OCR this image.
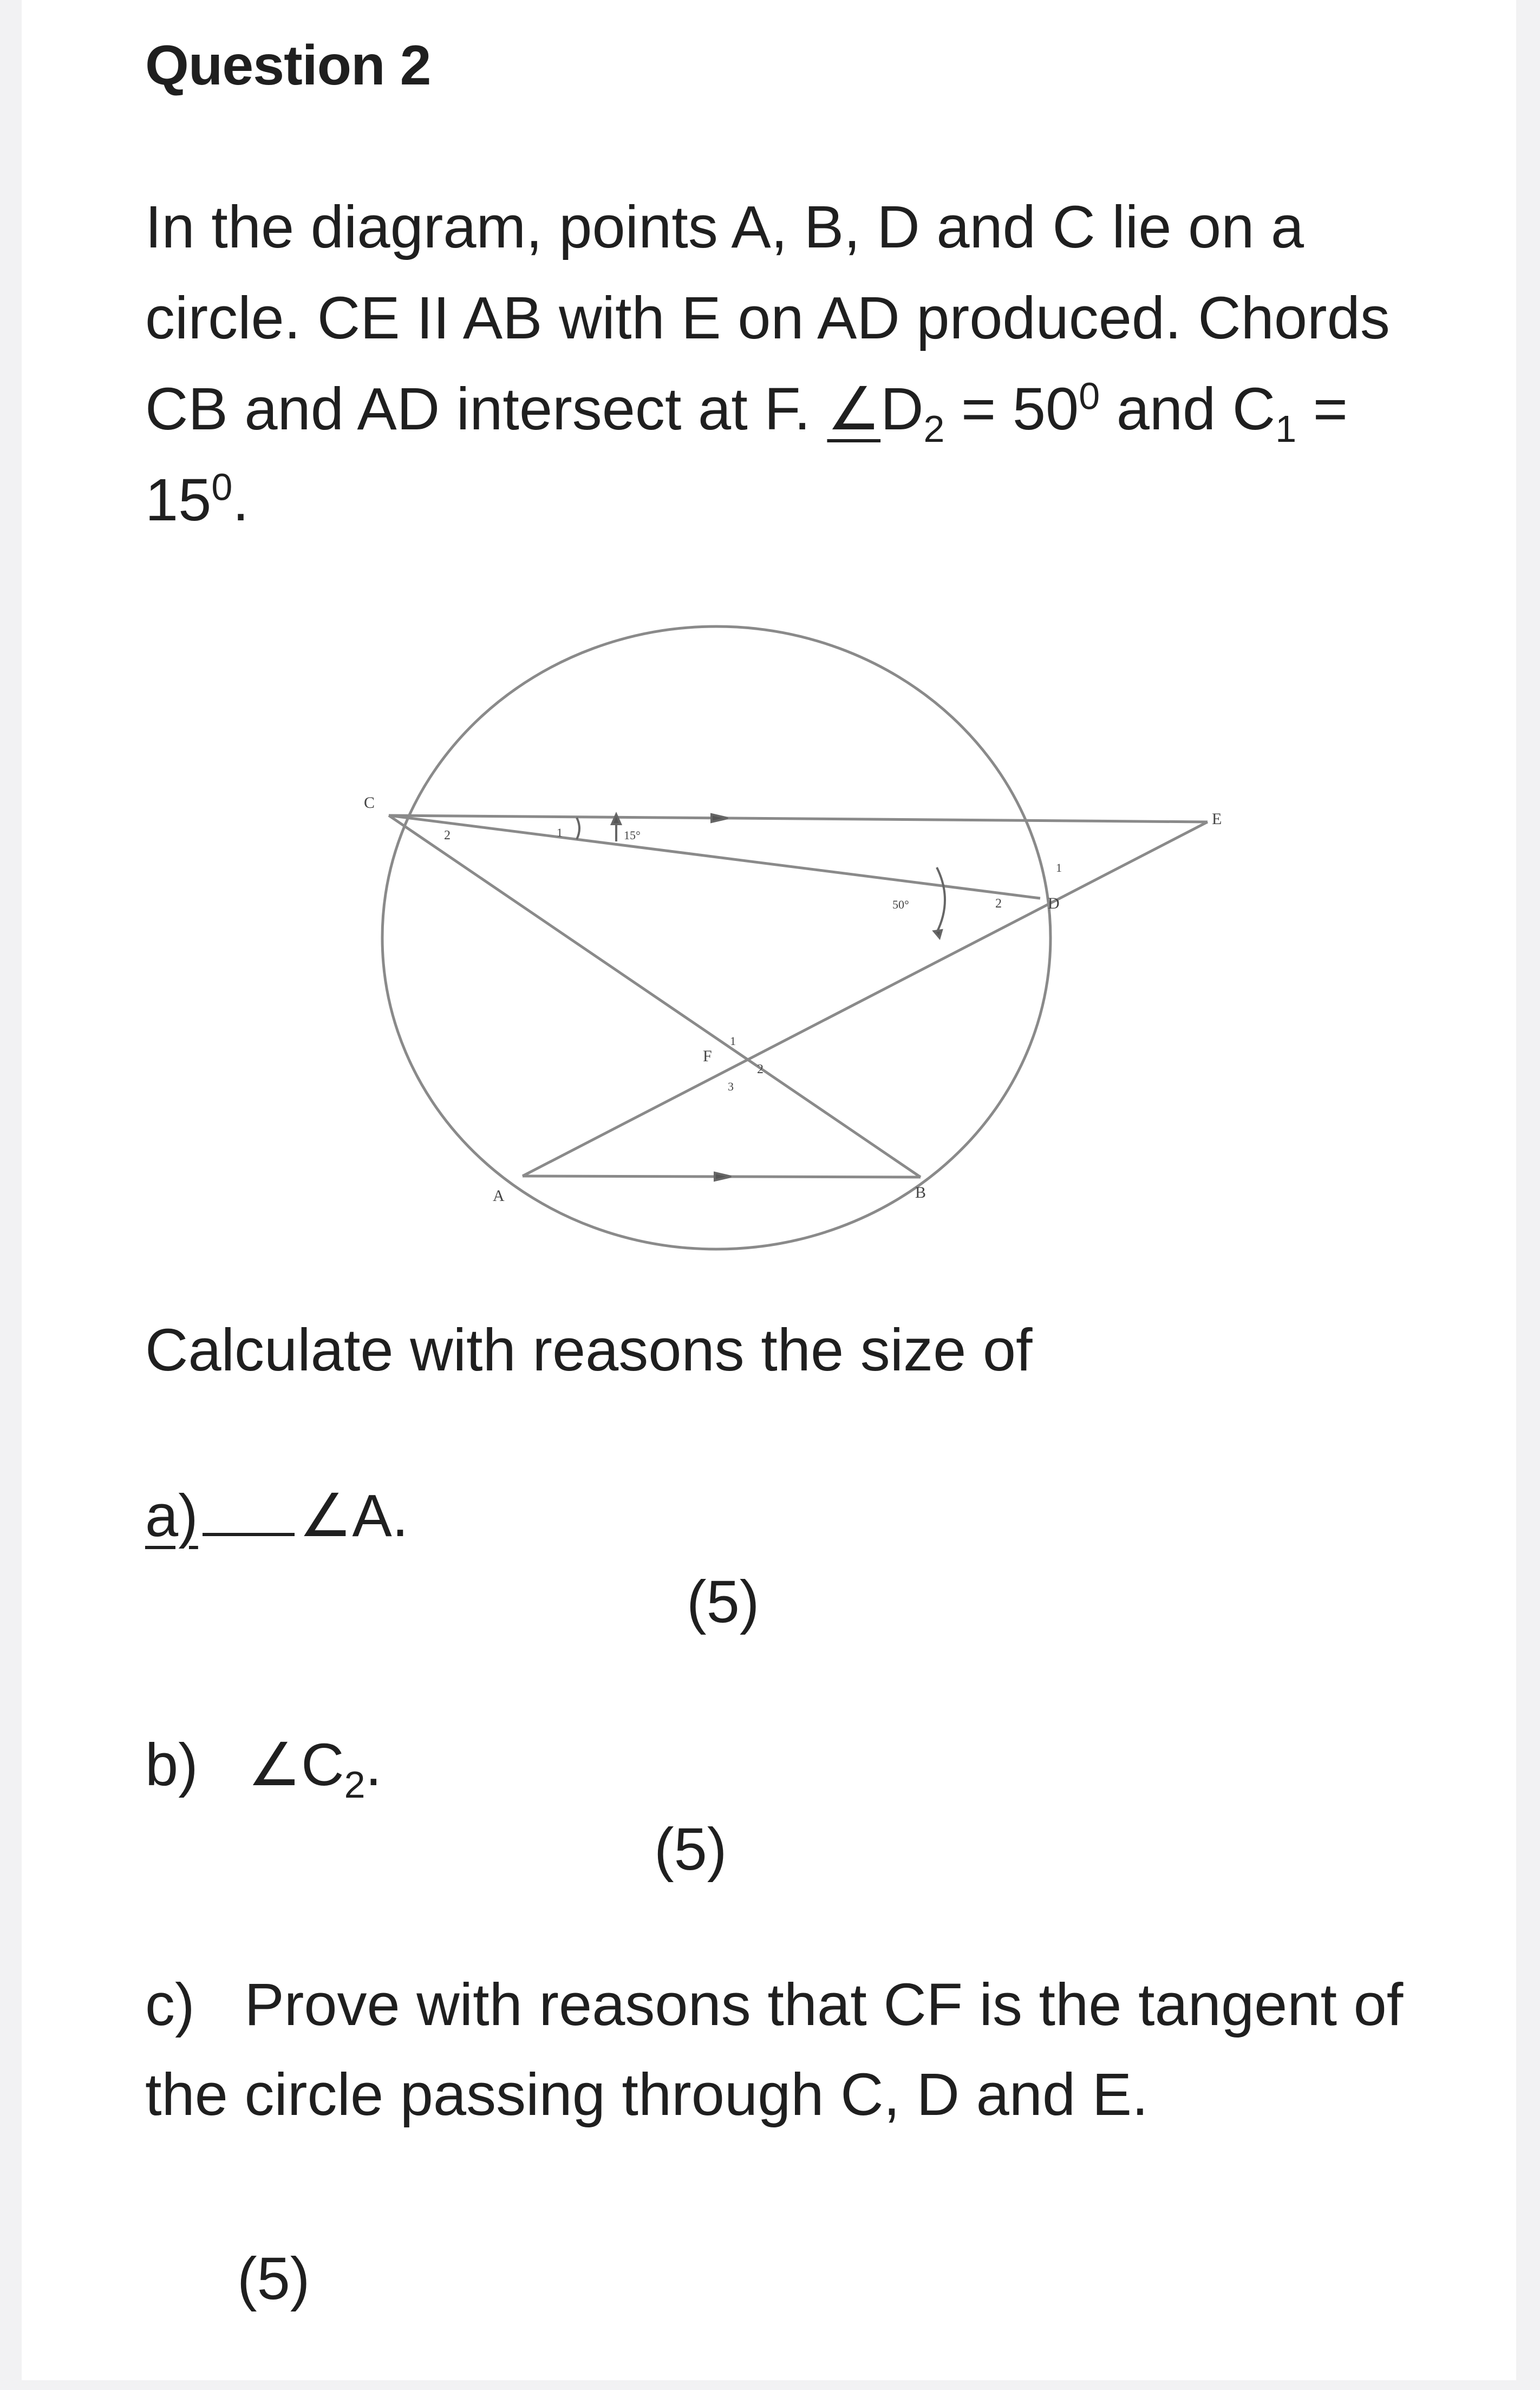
Question 2

In the diagram, points A, B, D and C lie on a
circle. CE II AB with E on AD produced. Chords
CB and AD intersect at F. $\angle D_2 = 50^0$ and $C_1$ =
$15^0$.

C
E
D
F
A	B
2	1	15°
50°	2
1
1
2
3
Calculate with reasons the size of
a) ∠A.
(5)
b) $\angle C_2$.
(5)
c) Prove with reasons that CF is the tangent of the circle passing through C, D and E.
(5)
